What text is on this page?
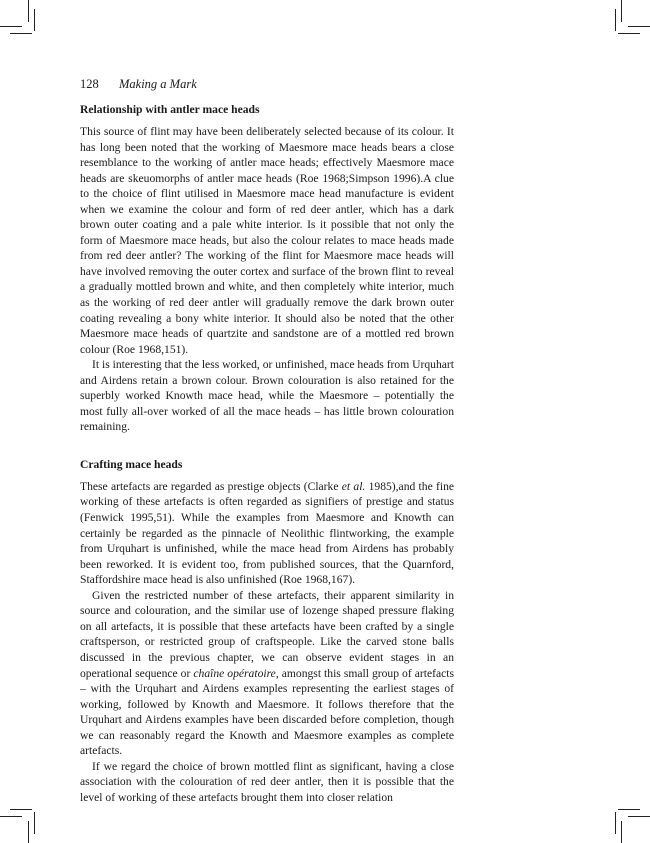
128 Making a Mark
Relationship with antler mace heads

This source of flint may have been deliberately selected because of its colour. It has long been noted that the working of Maesmore mace heads bears a close resemblance to the working of antler mace heads; effectively Maesmore mace heads are skeuomorphs of antler mace heads (Roe 1968;Simpson 1996).A clue to the choice of flint utilised in Maesmore mace head manufacture is evident when we examine the colour and form of red deer antler, which has a dark brown outer coating and a pale white interior. Is it possible that not only the form of Maesmore mace heads, but also the colour relates to mace heads made from red deer antler? The working of the flint for Maesmore mace heads will have involved removing the outer cortex and surface of the brown flint to reveal a gradually mottled brown and white, and then completely white interior, much as the working of red deer antler will gradually remove the dark brown outer coating revealing a bony white interior. It should also be noted that the other Maesmore mace heads of quartzite and sandstone are of a mottled red brown colour (Roe 1968,151).

It is interesting that the less worked, or unfinished, mace heads from Urquhart and Airdens retain a brown colour. Brown colouration is also retained for the superbly worked Knowth mace head, while the Maesmore – potentially the most fully all-over worked of all the mace heads – has little brown colouration remaining.

Crafting mace heads

These artefacts are regarded as prestige objects (Clarke et al. 1985),and the fine working of these artefacts is often regarded as signifiers of prestige and status (Fenwick 1995,51). While the examples from Maesmore and Knowth can certainly be regarded as the pinnacle of Neolithic flintworking, the example from Urquhart is unfinished, while the mace head from Airdens has probably been reworked. It is evident too, from published sources, that the Quarnford, Staffordshire mace head is also unfinished (Roe 1968,167).

Given the restricted number of these artefacts, their apparent similarity in source and colouration, and the similar use of lozenge shaped pressure flaking on all artefacts, it is possible that these artefacts have been crafted by a single craftsperson, or restricted group of craftspeople. Like the carved stone balls discussed in the previous chapter, we can observe evident stages in an operational sequence or chaîne opératoire, amongst this small group of artefacts – with the Urquhart and Airdens examples representing the earliest stages of working, followed by Knowth and Maesmore. It follows therefore that the Urquhart and Airdens examples have been discarded before completion, though we can reasonably regard the Knowth and Maesmore examples as complete artefacts.

If we regard the choice of brown mottled flint as significant, having a close association with the colouration of red deer antler, then it is possible that the level of working of these artefacts brought them into closer relation
